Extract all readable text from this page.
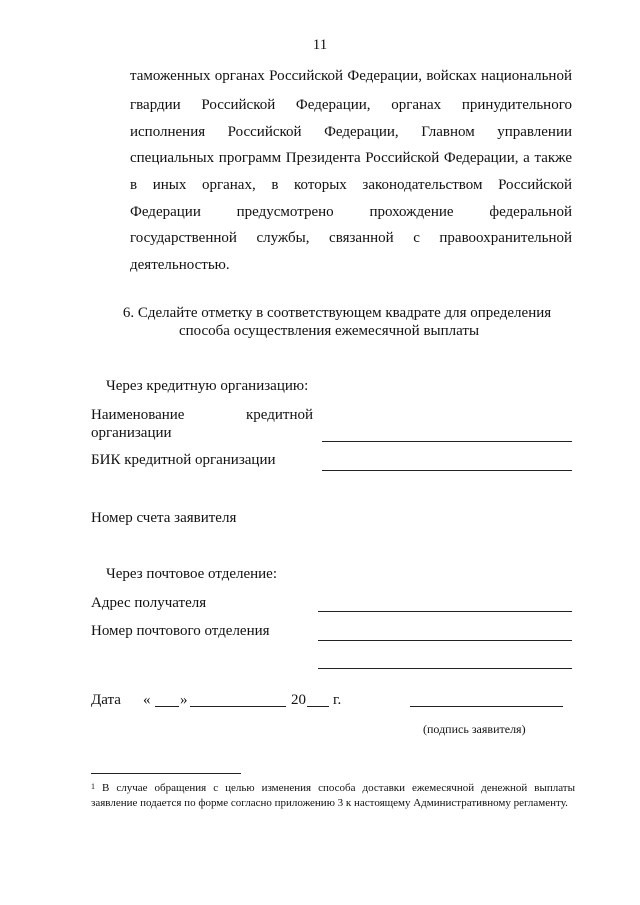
11
таможенных органах Российской Федерации, войсках национальной
гвардии Российской Федерации, органах принудительного
исполнения Российской Федерации, Главном управлении
специальных программ Президента Российской Федерации, а также
в иных органах, в которых законодательством Российской
Федерации предусмотрено прохождение федеральной
государственной службы, связанной с правоохранительной
деятельностью.
6. Сделайте отметку в соответствующем квадрате для определения
способа осуществления ежемесячной выплаты
Через кредитную организацию:
Наименование	кредитной
организации
БИК кредитной организации
Номер счета заявителя
Через почтовое отделение:
Адрес получателя
Номер почтового отделения
Дата « »	20 г.
(подпись заявителя)
$^1$ В случае обращения с целью изменения способа доставки ежемесячной денежной выплаты заявление подается по форме согласно приложению 3 к настоящему Административному регламенту.
